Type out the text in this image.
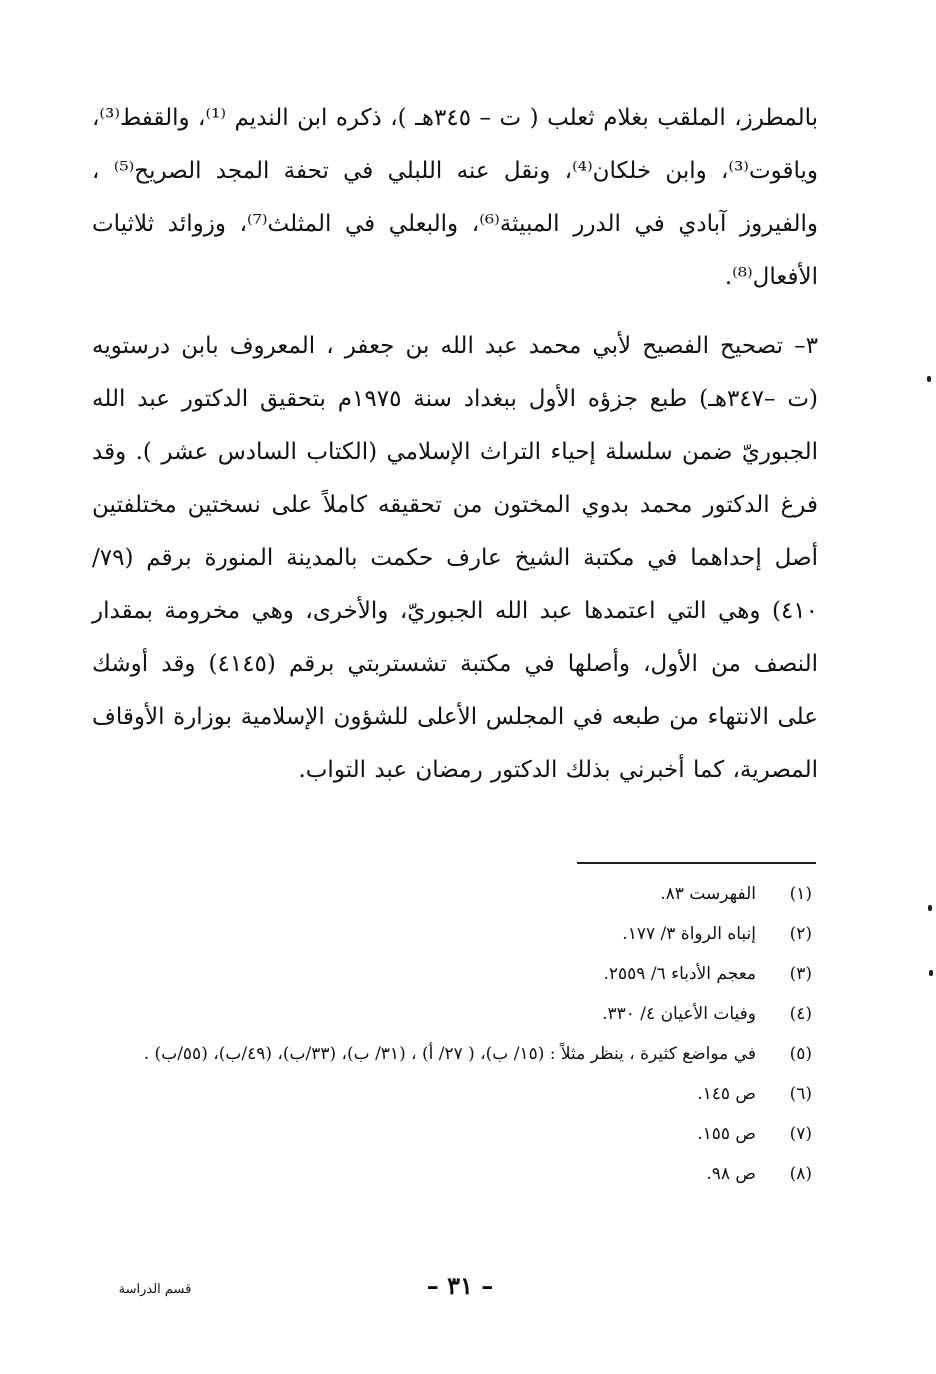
بالمطرز، الملقب بغلام ثعلب ( ت – ٣٤٥هـ )، ذكره ابن النديم ⁽¹⁾، والقفط⁽³⁾، وياقوت⁽³⁾، وابن خلكان⁽⁴⁾، ونقل عنه اللبلي في تحفة المجد الصريح⁽⁵⁾ ، والفيروز آبادي في الدرر المبيثة⁽⁶⁾، والبعلي في المثلث⁽⁷⁾، وزوائد ثلاثيات الأفعال⁽⁸⁾.

٣– تصحيح الفصيح لأبي محمد عبد الله بن جعفر ، المعروف بابن درستويه (ت –٣٤٧هـ) طبع جزؤه الأول ببغداد سنة ١٩٧٥م بتحقيق الدكتور عبد الله الجبوريّ ضمن سلسلة إحياء التراث الإسلامي (الكتاب السادس عشر ). وقد فرغ الدكتور محمد بدوي المختون من تحقيقه كاملاً على نسختين مختلفتين أصل إحداهما في مكتبة الشيخ عارف حكمت بالمدينة المنورة برقم (٧٩/ ٤١٠) وهي التي اعتمدها عبد الله الجبوريّ، والأخرى، وهي مخرومة بمقدار النصف من الأول، وأصلها في مكتبة تشستربتي برقم (٤١٤٥) وقد أوشك على الانتهاء من طبعه في المجلس الأعلى للشؤون الإسلامية بوزارة الأوقاف المصرية، كما أخبرني بذلك الدكتور رمضان عبد التواب.

(١)
الفهرست ٨٣.
(٢)
إنباه الرواة ٣/ ١٧٧.
(٣)
معجم الأدباء ٦/ ٢٥٥٩.
(٤)
وفيات الأعيان ٤/ ٣٣٠.
(٥)
في مواضع كثيرة ، ينظر مثلاً : (١٥/ ب)، ( ٢٧/ أ) ، (٣١/ ب)، (٣٣/ب)، (٤٩/ب)، (٥٥/ب) .
(٦)
ص ١٤٥.
(٧)
ص ١٥٥.
(٨)
ص ٩٨.
قسم الدراسة	– ٣١ –
